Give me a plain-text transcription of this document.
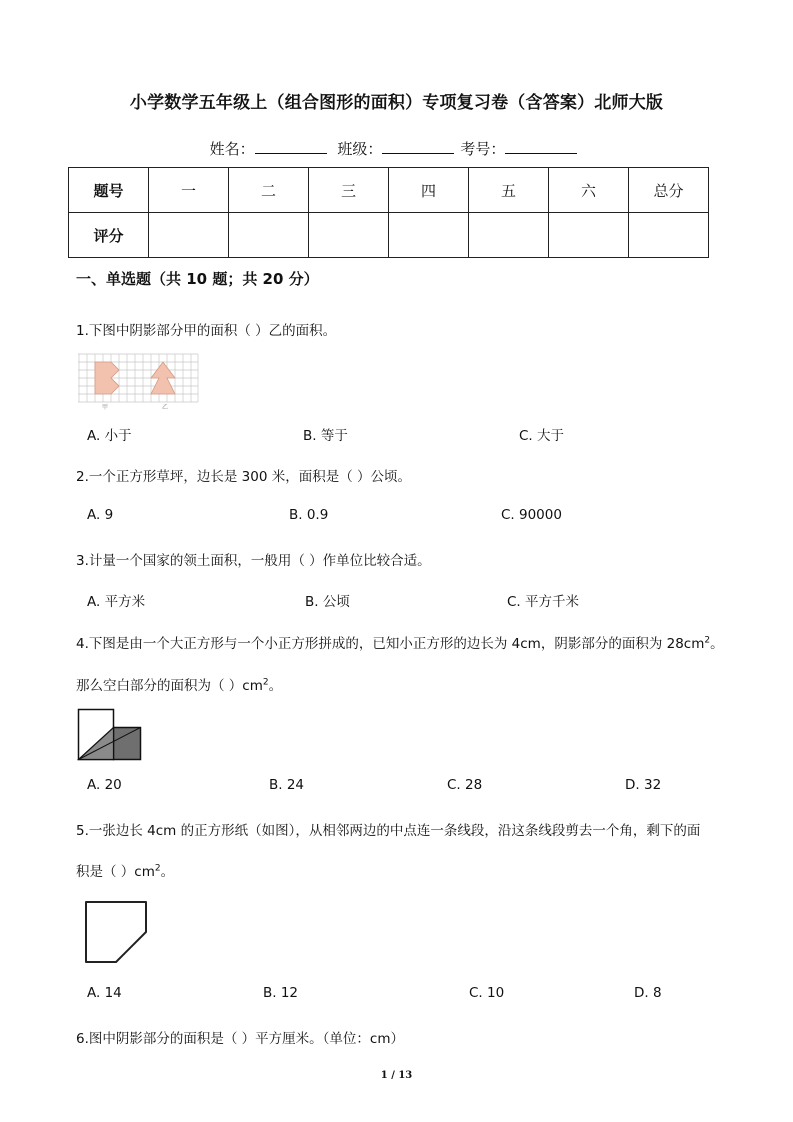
小学数学五年级上（组合图形的面积）专项复习卷（含答案）北师大版
姓名：	班级：	考号：
题号	一	二	三	四	五	六	总分
评分							
一、单选题（共 10 题；共 20 分）
1.下图中阴影部分甲的面积（ ）乙的面积。
甲	乙
A. 小于	B. 等于	C. 大于
2.一个正方形草坪，边长是 300 米，面积是（ ）公顷。
A. 9	B. 0.9	C. 90000
3.计量一个国家的领土面积，一般用（ ）作单位比较合适。
A. 平方米	B. 公顷	C. 平方千米
4.下图是由一个大正方形与一个小正方形拼成的，已知小正方形的边长为 4cm，阴影部分的面积为 $28cm^2$。
那么空白部分的面积为（ ）$cm^2$。
A. 20	B. 24	C. 28	D. 32
5.一张边长 4cm 的正方形纸（如图），从相邻两边的中点连一条线段，沿这条线段剪去一个角，剩下的面
积是（ ）$cm^2$。
A. 14	B. 12	C. 10	D. 8
6.图中阴影部分的面积是（ ）平方厘米。（单位：cm）
1 / 13
